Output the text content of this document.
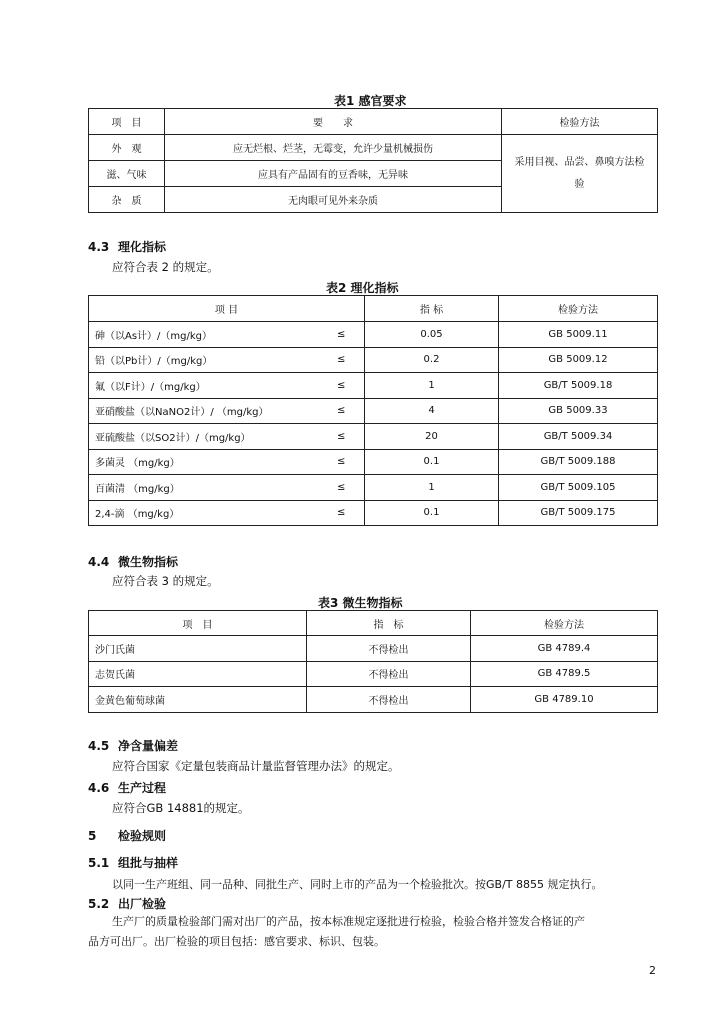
表1 感官要求
项　目	要　　求	检验方法
外　观	应无烂根、烂茎，无霉变，允许少量机械损伤	采用目视、品尝、鼻嗅方法检验
滋、气味	应具有产品固有的豆香味，无异味	
杂　质	无肉眼可见外来杂质	
4.3 理化指标
应符合表 2 的规定。
表2 理化指标
项 目		指 标	检验方法
砷（以As计）/（mg/kg）	≤	0.05	GB 5009.11
铅（以Pb计）/（mg/kg）	≤	0.2	GB 5009.12
氟（以F计）/（mg/kg）	≤	1	GB/T 5009.18
亚硝酸盐（以NaNO2计）/ （mg/kg）	≤	4	GB 5009.33
亚硫酸盐（以SO2计）/（mg/kg）	≤	20	GB/T 5009.34
多菌灵 （mg/kg）	≤	0.1	GB/T 5009.188
百菌清 （mg/kg）	≤	1	GB/T 5009.105
2,4-滴 （mg/kg）	≤	0.1	GB/T 5009.175
4.4 微生物指标
应符合表 3 的规定。
表3 微生物指标
项　目	指　标	检验方法
沙门氏菌	不得检出	GB 4789.4
志贺氏菌	不得检出	GB 4789.5
金黄色葡萄球菌	不得检出	GB 4789.10
4.5 净含量偏差
应符合国家《定量包装商品计量监督管理办法》的规定。
4.6 生产过程
应符合GB 14881的规定。
5 检验规则
5.1 组批与抽样
以同一生产班组、同一品种、同批生产、同时上市的产品为一个检验批次。按GB/T 8855 规定执行。
5.2 出厂检验
生产厂的质量检验部门需对出厂的产品，按本标准规定逐批进行检验，检验合格并签发合格证的产
品方可出厂。出厂检验的项目包括：感官要求、标识、包装。
2
